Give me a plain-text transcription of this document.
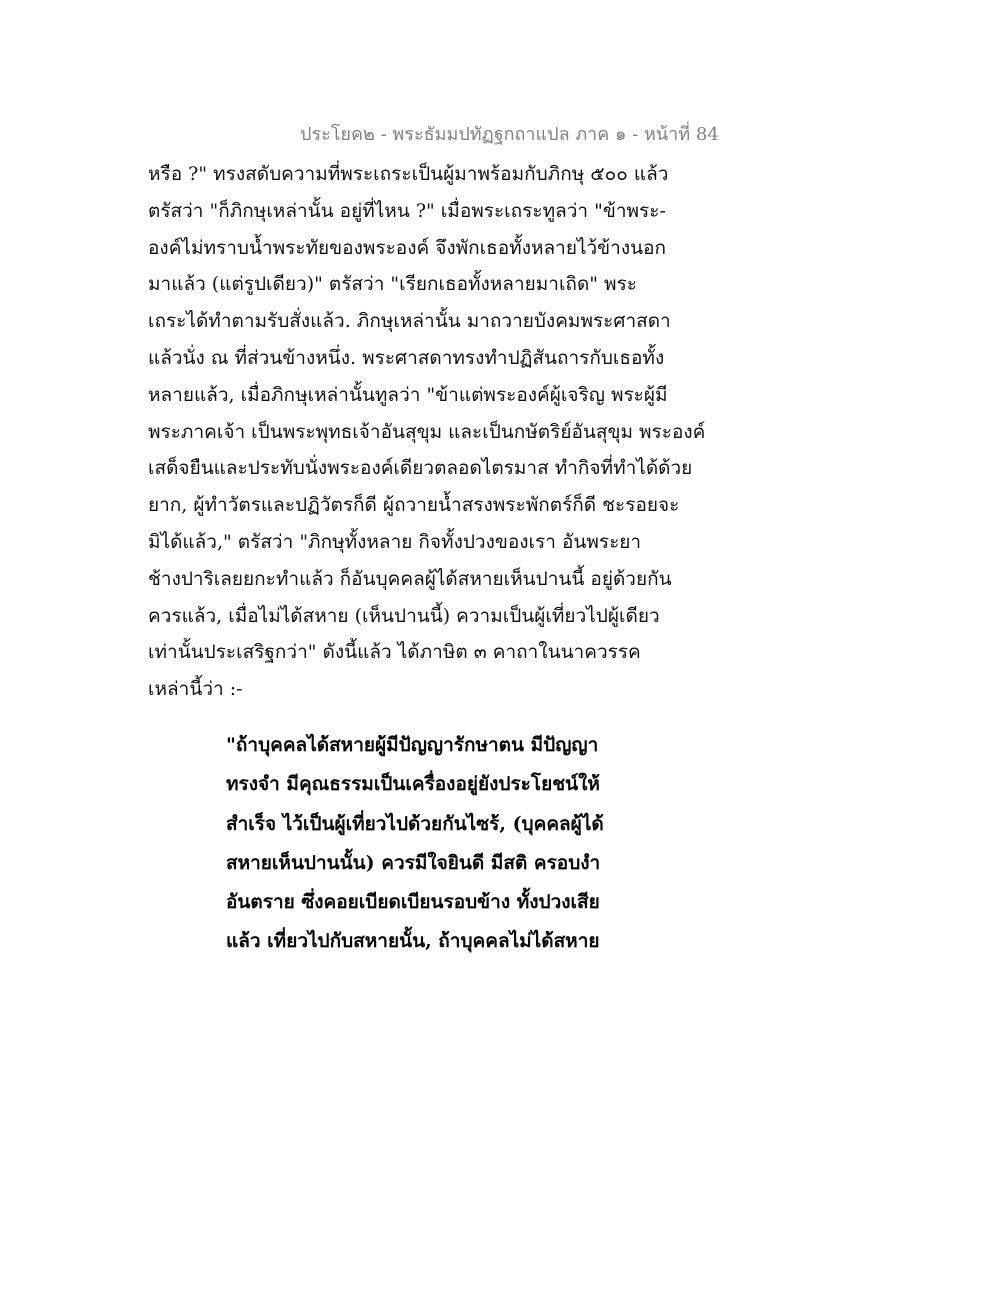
ประโยค๒ - พระธัมมปทัฏฐกถาแปล ภาค ๑ - หน้าที่ 84
หรือ ?" ทรงสดับความที่พระเถระเป็นผู้มาพร้อมกับภิกษุ ๕๐๐ แล้ว
ตรัสว่า "ก็ภิกษุเหล่านั้น อยู่ที่ไหน ?" เมื่อพระเถระทูลว่า "ข้าพระ-
องค์ไม่ทราบน้ำพระทัยของพระองค์ จึงพักเธอทั้งหลายไว้ข้างนอก
มาแล้ว (แต่รูปเดียว)" ตรัสว่า "เรียกเธอทั้งหลายมาเถิด" พระ
เถระได้ทำตามรับสั่งแล้ว. ภิกษุเหล่านั้น มาถวายบังคมพระศาสดา
แล้วนั่ง ณ ที่ส่วนข้างหนึ่ง. พระศาสดาทรงทำปฏิสันถารกับเธอทั้ง
หลายแล้ว, เมื่อภิกษุเหล่านั้นทูลว่า "ข้าแต่พระองค์ผู้เจริญ พระผู้มี
พระภาคเจ้า เป็นพระพุทธเจ้าอันสุขุม และเป็นกษัตริย์อันสุขุม พระองค์
เสด็จยืนและประทับนั่งพระองค์เดียวตลอดไตรมาส ทำกิจที่ทำได้ด้วย
ยาก, ผู้ทำวัตรและปฏิวัตรก็ดี ผู้ถวายน้ำสรงพระพักตร์ก็ดี ชะรอยจะ
มิได้แล้ว," ตรัสว่า "ภิกษุทั้งหลาย กิจทั้งปวงของเรา อันพระยา
ช้างปาริเลยยกะทำแล้ว ก็อันบุคคลผู้ได้สหายเห็นปานนี้ อยู่ด้วยกัน
ควรแล้ว, เมื่อไม่ได้สหาย (เห็นปานนี้) ความเป็นผู้เที่ยวไปผู้เดียว
เท่านั้นประเสริฐกว่า" ดังนี้แล้ว ได้ภาษิต ๓ คาถาในนาควรรค
เหล่านี้ว่า :-
"ถ้าบุคคลได้สหายผู้มีปัญญารักษาตน มีปัญญา
ทรงจำ มีคุณธรรมเป็นเครื่องอยู่ยังประโยชน์ให้
สำเร็จ ไว้เป็นผู้เที่ยวไปด้วยกันไซร้, (บุคคลผู้ได้
สหายเห็นปานนั้น) ควรมีใจยินดี มีสติ ครอบงำ
อันตราย ซึ่งคอยเบียดเบียนรอบข้าง ทั้งปวงเสีย
แล้ว เที่ยวไปกับสหายนั้น, ถ้าบุคคลไม่ได้สหาย
